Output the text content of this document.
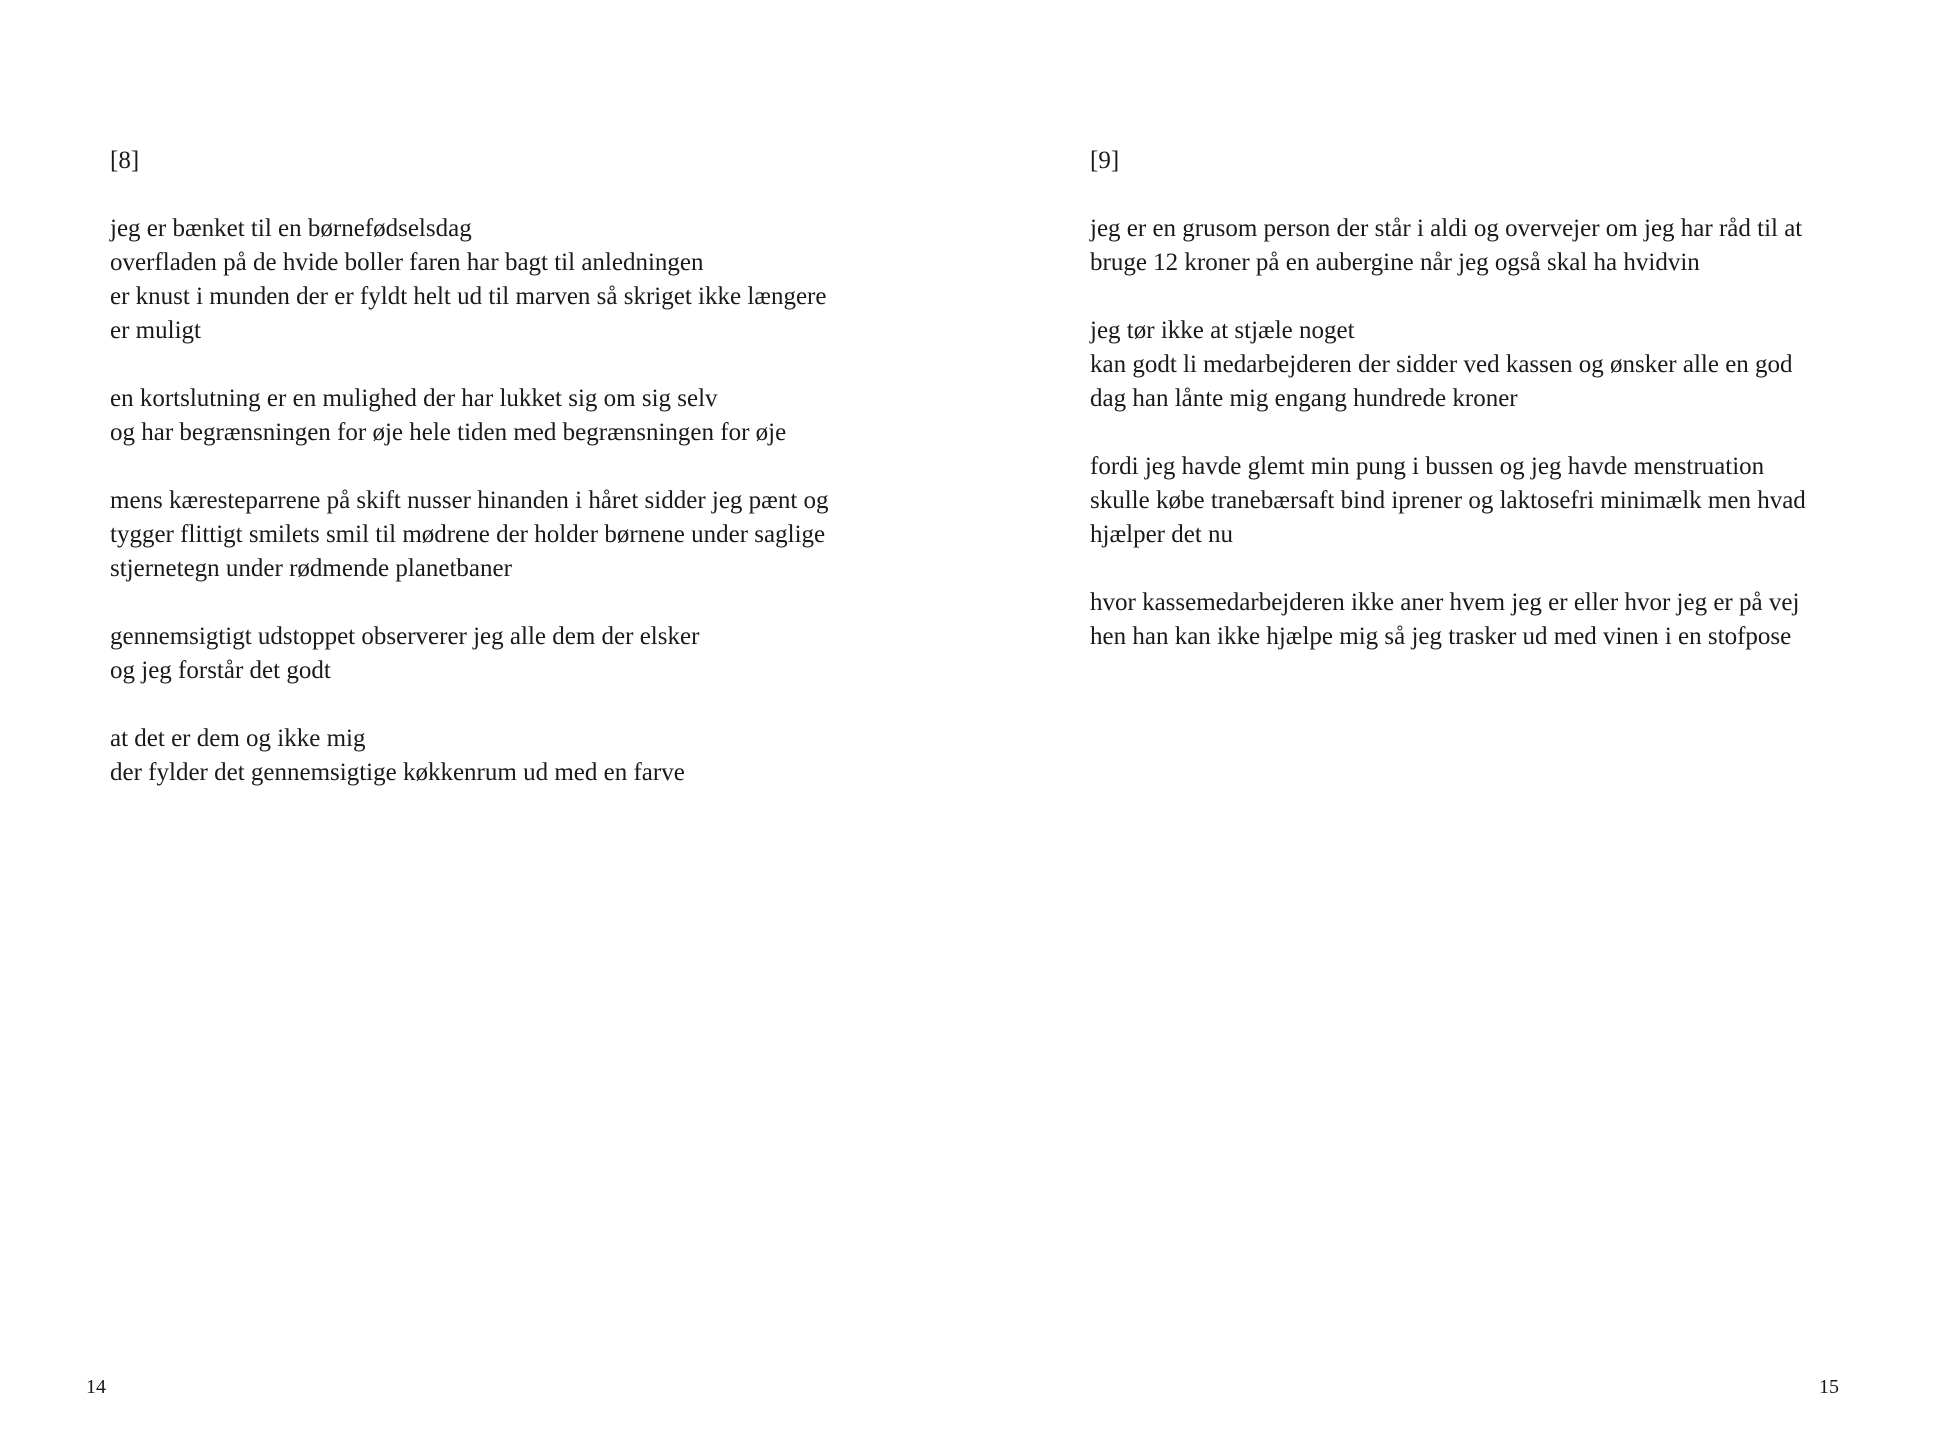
[8]

jeg er bænket til en børnefødselsdag
overfladen på de hvide boller faren har bagt til anledningen
er knust i munden der er fyldt helt ud til marven så skriget ikke længere
er muligt

en kortslutning er en mulighed der har lukket sig om sig selv
og har begrænsningen for øje hele tiden med begrænsningen for øje

mens kæresteparrene på skift nusser hinanden i håret sidder jeg pænt og
tygger flittigt smilets smil til mødrene der holder børnene under saglige
stjernetegn under rødmende planetbaner

gennemsigtigt udstoppet observerer jeg alle dem der elsker
og jeg forstår det godt

at det er dem og ikke mig
der fylder det gennemsigtige køkkenrum ud med en farve

14
[9]

jeg er en grusom person der står i aldi og overvejer om jeg har råd til at
bruge 12 kroner på en aubergine når jeg også skal ha hvidvin

jeg tør ikke at stjæle noget
kan godt li medarbejderen der sidder ved kassen og ønsker alle en god
dag han lånte mig engang hundrede kroner

fordi jeg havde glemt min pung i bussen og jeg havde menstruation
skulle købe tranebærsaft bind iprener og laktosefri minimælk men hvad
hjælper det nu

hvor kassemedarbejderen ikke aner hvem jeg er eller hvor jeg er på vej
hen han kan ikke hjælpe mig så jeg trasker ud med vinen i en stofpose

15
